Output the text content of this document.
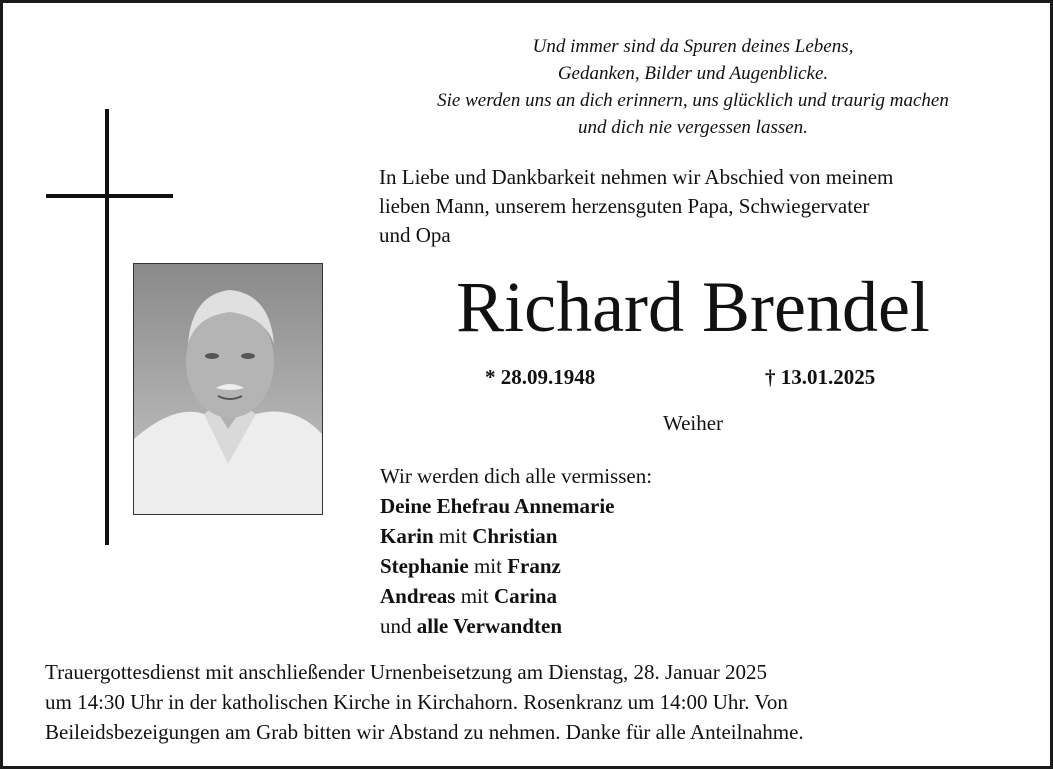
Und immer sind da Spuren deines Lebens,
Gedanken, Bilder und Augenblicke.
Sie werden uns an dich erinnern, uns glücklich und traurig machen
und dich nie vergessen lassen.
In Liebe und Dankbarkeit nehmen wir Abschied von meinem
lieben Mann, unserem herzensguten Papa, Schwiegervater
und Opa
Richard Brendel
* 28.09.1948	† 13.01.2025
Weiher
Wir werden dich alle vermissen:
Deine Ehefrau Annemarie
Karin mit Christian
Stephanie mit Franz
Andreas mit Carina
und alle Verwandten
Trauergottesdienst mit anschließender Urnenbeisetzung am Dienstag, 28. Januar 2025
um 14:30 Uhr in der katholischen Kirche in Kirchahorn. Rosenkranz um 14:00 Uhr. Von
Beileidsbezeigungen am Grab bitten wir Abstand zu nehmen. Danke für alle Anteilnahme.
